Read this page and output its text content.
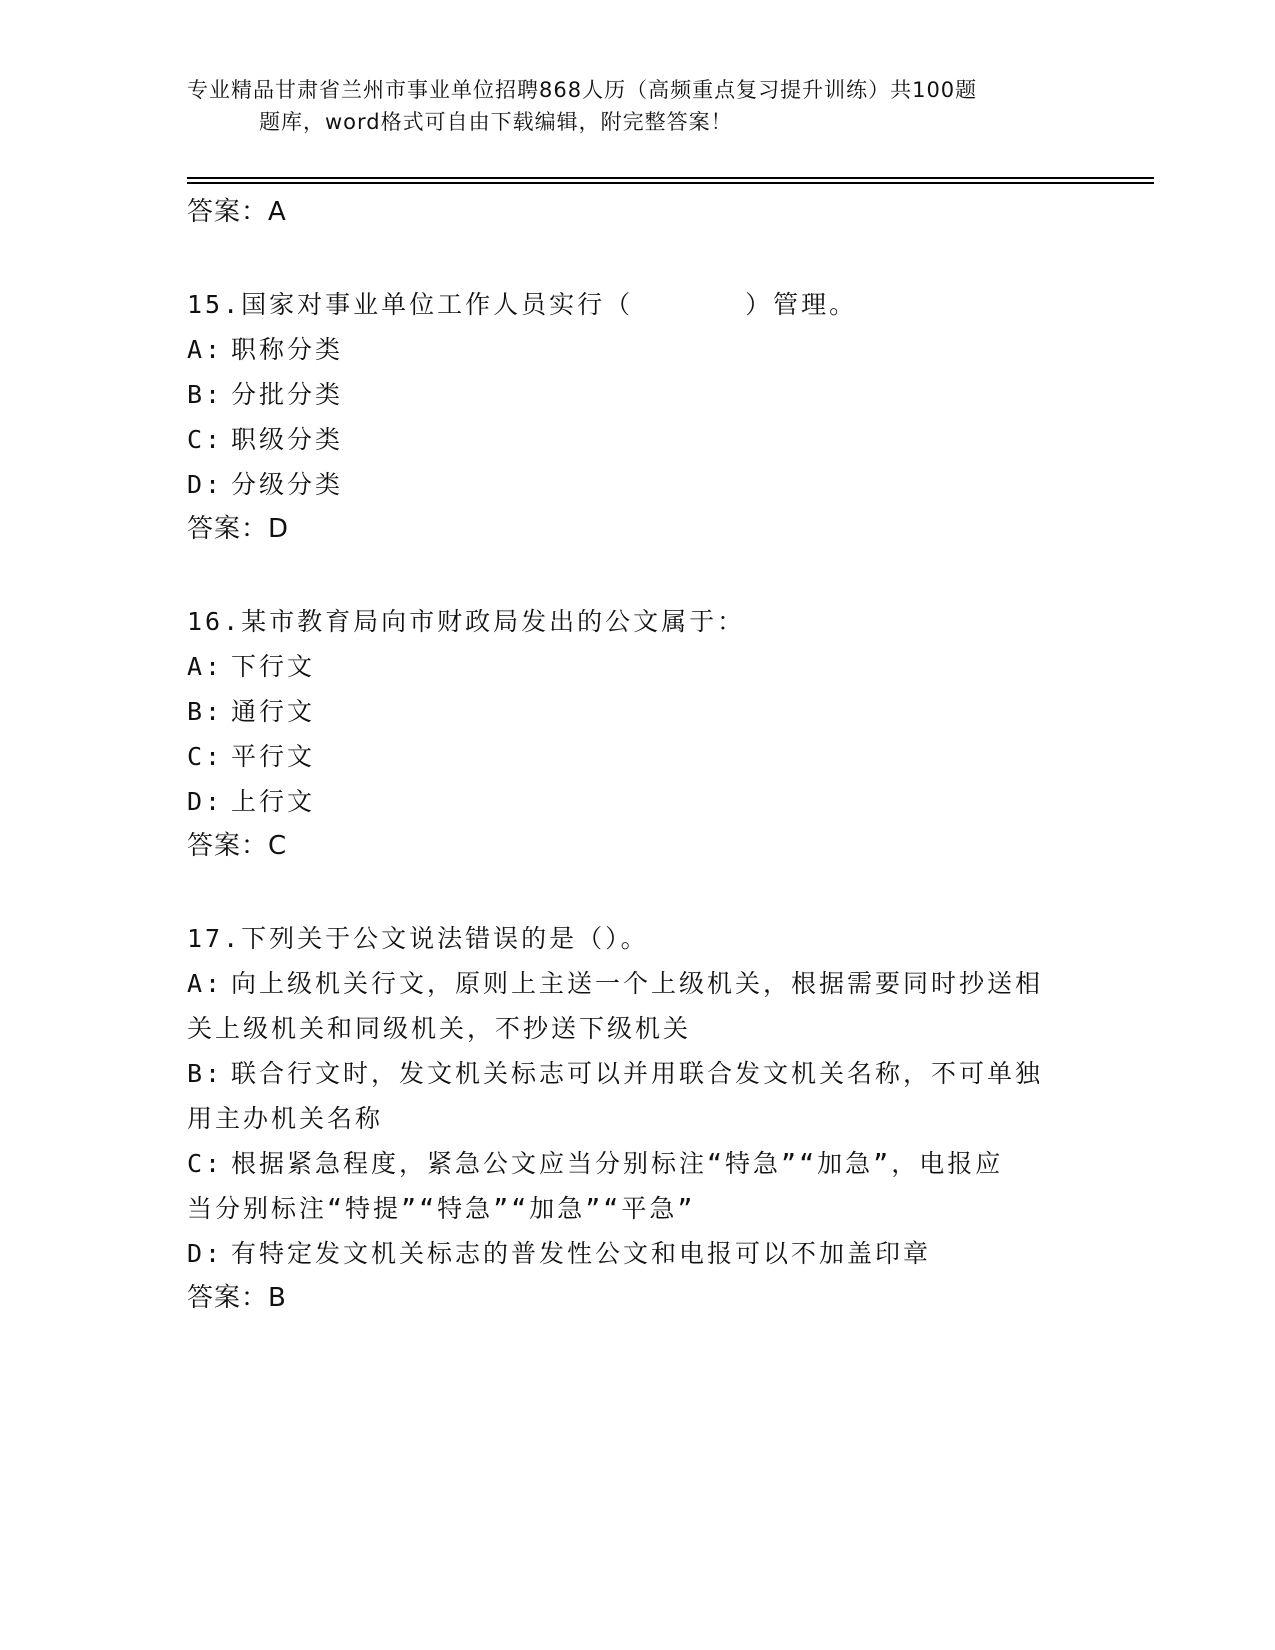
专业精品甘肃省兰州市事业单位招聘868人历（高频重点复习提升训练）共100题
题库，word格式可自由下载编辑，附完整答案！
答案：A
15.国家对事业单位工作人员实行（　　　　）管理。
A: 职称分类
B: 分批分类
C: 职级分类
D: 分级分类
答案：D
16.某市教育局向市财政局发出的公文属于：
A: 下行文
B: 通行文
C: 平行文
D: 上行文
答案：C
17.下列关于公文说法错误的是（）。
A: 向上级机关行文，原则上主送一个上级机关，根据需要同时抄送相
关上级机关和同级机关，不抄送下级机关
B: 联合行文时，发文机关标志可以并用联合发文机关名称，不可单独
用主办机关名称
C: 根据紧急程度，紧急公文应当分别标注“特急”“加急”，电报应
当分别标注“特提”“特急”“加急”“平急”
D: 有特定发文机关标志的普发性公文和电报可以不加盖印章
答案：B
